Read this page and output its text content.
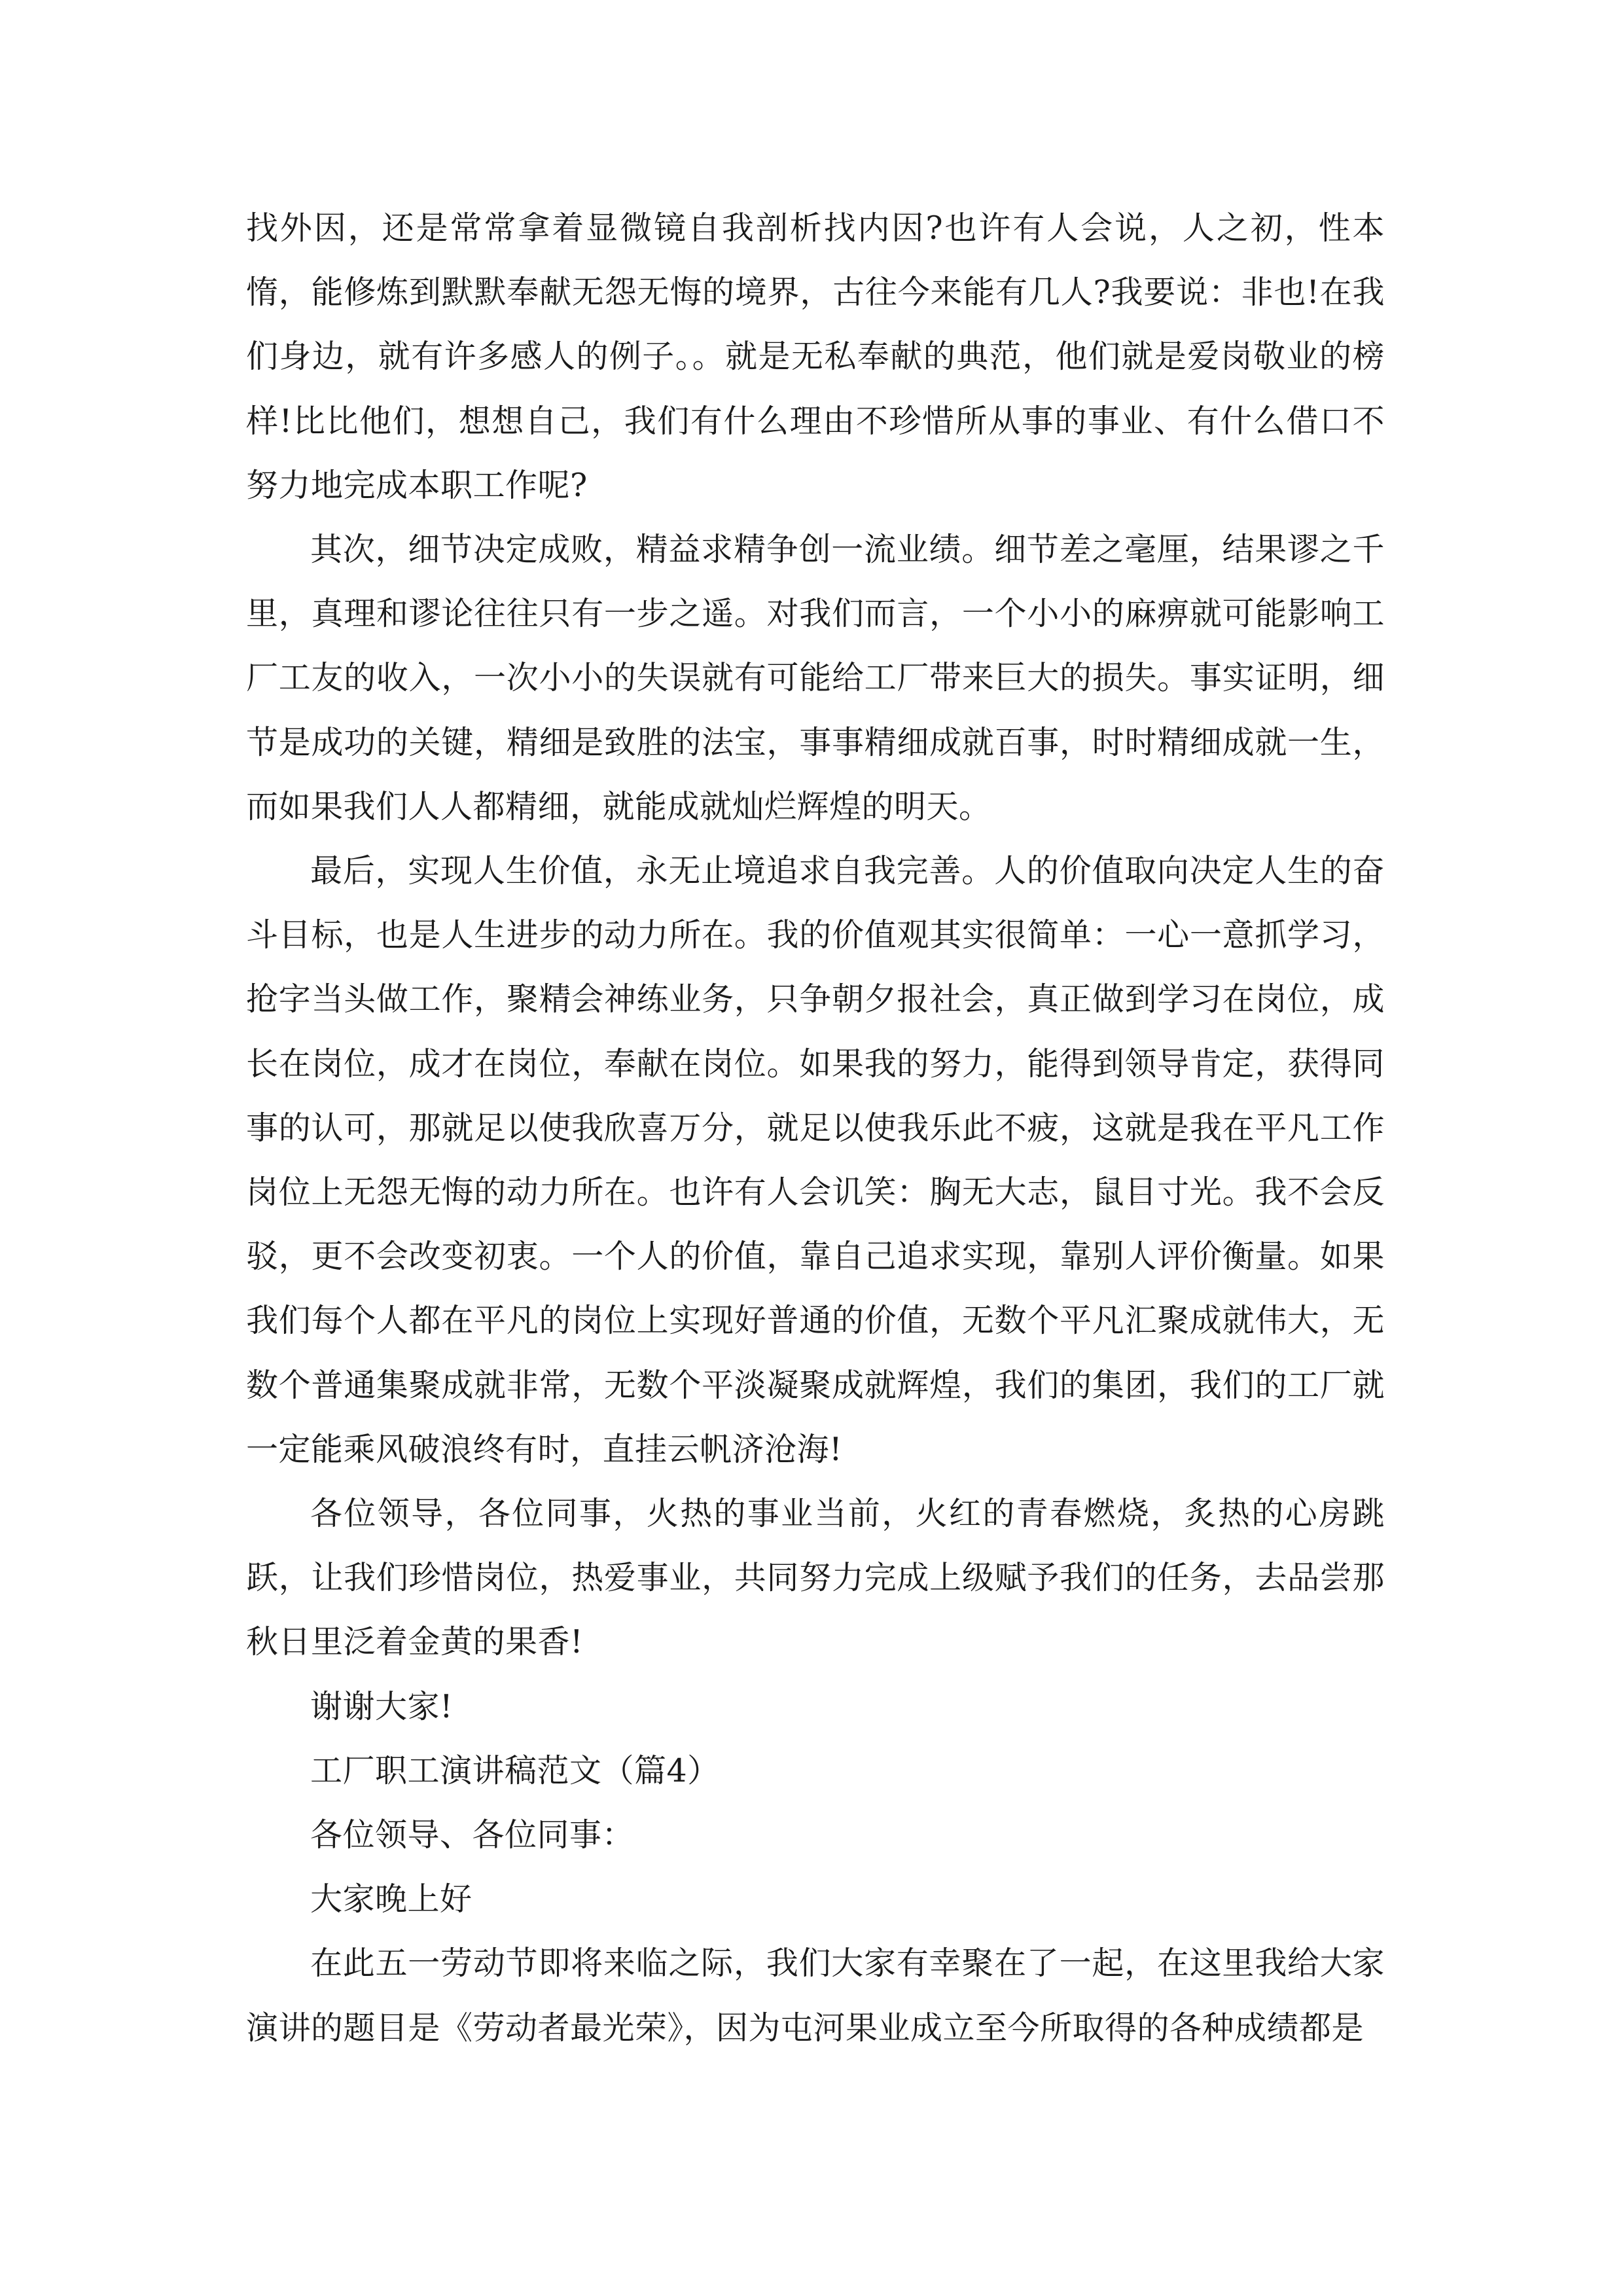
找外因，还是常常拿着显微镜自我剖析找内因?也许有人会说，人之初，性本惰，能修炼到默默奉献无怨无悔的境界，古往今来能有几人?我要说：非也!在我们身边，就有许多感人的例子。。就是无私奉献的典范，他们就是爱岗敬业的榜样!比比他们，想想自己，我们有什么理由不珍惜所从事的事业、有什么借口不努力地完成本职工作呢?

其次，细节决定成败，精益求精争创一流业绩。细节差之毫厘，结果谬之千里，真理和谬论往往只有一步之遥。对我们而言，一个小小的麻痹就可能影响工厂工友的收入，一次小小的失误就有可能给工厂带来巨大的损失。事实证明，细节是成功的关键，精细是致胜的法宝，事事精细成就百事，时时精细成就一生，而如果我们人人都精细，就能成就灿烂辉煌的明天。

最后，实现人生价值，永无止境追求自我完善。人的价值取向决定人生的奋斗目标，也是人生进步的动力所在。我的价值观其实很简单：一心一意抓学习，抢字当头做工作，聚精会神练业务，只争朝夕报社会，真正做到学习在岗位，成长在岗位，成才在岗位，奉献在岗位。如果我的努力，能得到领导肯定，获得同事的认可，那就足以使我欣喜万分，就足以使我乐此不疲，这就是我在平凡工作岗位上无怨无悔的动力所在。也许有人会讥笑：胸无大志，鼠目寸光。我不会反驳，更不会改变初衷。一个人的价值，靠自己追求实现，靠别人评价衡量。如果我们每个人都在平凡的岗位上实现好普通的价值，无数个平凡汇聚成就伟大，无数个普通集聚成就非常，无数个平淡凝聚成就辉煌，我们的集团，我们的工厂就一定能乘风破浪终有时，直挂云帆济沧海!

各位领导，各位同事，火热的事业当前，火红的青春燃烧，炙热的心房跳跃，让我们珍惜岗位，热爱事业，共同努力完成上级赋予我们的任务，去品尝那秋日里泛着金黄的果香!

谢谢大家!

工厂职工演讲稿范文（篇4）

各位领导、各位同事：

大家晚上好

在此五一劳动节即将来临之际，我们大家有幸聚在了一起，在这里我给大家演讲的题目是《劳动者最光荣》，因为屯河果业成立至今所取得的各种成绩都是
